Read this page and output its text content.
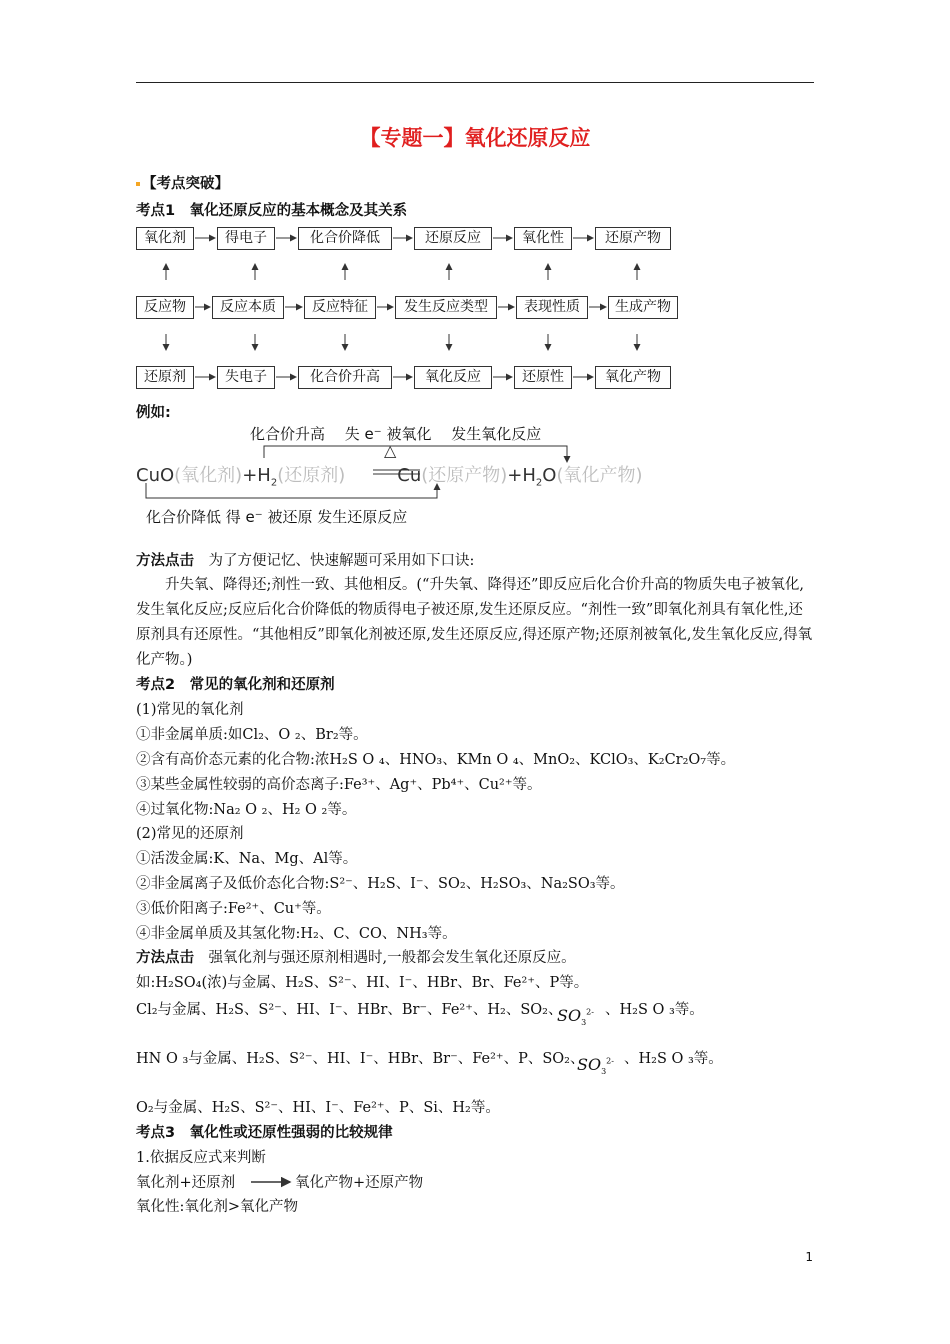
【专题一】氧化还原反应
【考点突破】
考点1　氧化还原反应的基本概念及其关系
氧化剂	得电子	化合价降低	还原反应	氧化性	还原产物
反应物	反应本质	反应特征	发生反应类型	表现性质	生成产物
还原剂	失电子	化合价升高	氧化反应	还原性	氧化产物
例如:
化合价升高　 失 e⁻ 被氧化　 发生氧化反应
△
CuO(氧化剂)$+H_2$(还原剂)	Cu(还原产物)$+H_2O$(氧化产物)
化合价降低 得 e⁻ 被还原 发生还原反应
方法点击　为了方便记忆、快速解题可采用如下口诀:
升失氧、降得还;剂性一致、其他相反。(“升失氧、降得还”即反应后化合价升高的物质失电子被氧化,发生氧化反应;反应后化合价降低的物质得电子被还原,发生还原反应。“剂性一致”即氧化剂具有氧化性,还原剂具有还原性。“其他相反”即氧化剂被还原,发生还原反应,得还原产物;还原剂被氧化,发生氧化反应,得氧化产物。)
考点2　常见的氧化剂和还原剂
(1)常见的氧化剂
①非金属单质:如Cl₂、O ₂、Br₂等。
②含有高价态元素的化合物:浓H₂S O ₄、HNO₃、KMn O ₄、MnO₂、KClO₃、K₂Cr₂O₇等。
③某些金属性较弱的高价态离子:Fe³⁺、Ag⁺、Pb⁴⁺、Cu²⁺等。
④过氧化物:Na₂ O ₂、H₂ O ₂等。
(2)常见的还原剂
①活泼金属:K、Na、Mg、Al等。
②非金属离子及低价态化合物:S²⁻、H₂S、I⁻、SO₂、H₂SO₃、Na₂SO₃等。
③低价阳离子:Fe²⁺、Cu⁺等。
④非金属单质及其氢化物:H₂、C、CO、NH₃等。
方法点击　强氧化剂与强还原剂相遇时,一般都会发生氧化还原反应。
如:H₂SO₄(浓)与金属、H₂S、S²⁻、HI、I⁻、HBr、Br、Fe²⁺、P等。
Cl₂与金属、H₂S、S²⁻、HI、I⁻、HBr、Br⁻、Fe²⁺、H₂、SO₂、
$SO_3^{2-}$ 、H₂S O ₃等。
HN O ₃与金属、H₂S、S²⁻、HI、I⁻、HBr、Br⁻、Fe²⁺、P、SO₂、
$SO_3^{2-}$ 、H₂S O ₃等。
O₂与金属、H₂S、S²⁻、HI、I⁻、Fe²⁺、P、Si、H₂等。
考点3　氧化性或还原性强弱的比较规律
1.依据反应式来判断
氧化剂+还原剂	氧化产物+还原产物
氧化性:氧化剂>氧化产物
1
